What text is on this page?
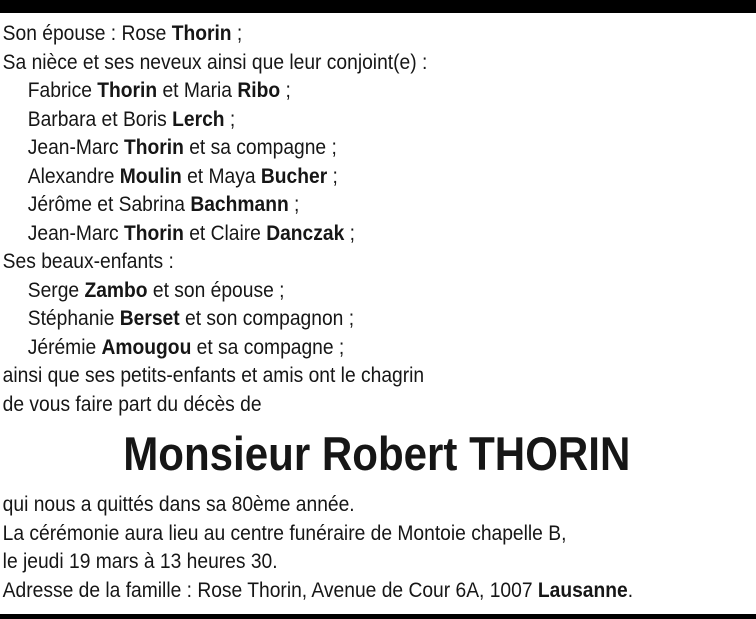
Son épouse : Rose Thorin ;

Sa nièce et ses neveux ainsi que leur conjoint(e) :

Fabrice Thorin et Maria Ribo ;

Barbara et Boris Lerch ;

Jean-Marc Thorin et sa compagne ;

Alexandre Moulin et Maya Bucher ;

Jérôme et Sabrina Bachmann ;

Jean-Marc Thorin et Claire Danczak ;

Ses beaux-enfants :

Serge Zambo et son épouse ;

Stéphanie Berset et son compagnon ;

Jérémie Amougou et sa compagne ;

ainsi que ses petits-enfants et amis ont le chagrin

de vous faire part du décès de

Monsieur Robert THORIN

qui nous a quittés dans sa 80ème année.

La cérémonie aura lieu au centre funéraire de Montoie chapelle B,

le jeudi 19 mars à 13 heures 30.

Adresse de la famille : Rose Thorin, Avenue de Cour 6A, 1007 Lausanne.
